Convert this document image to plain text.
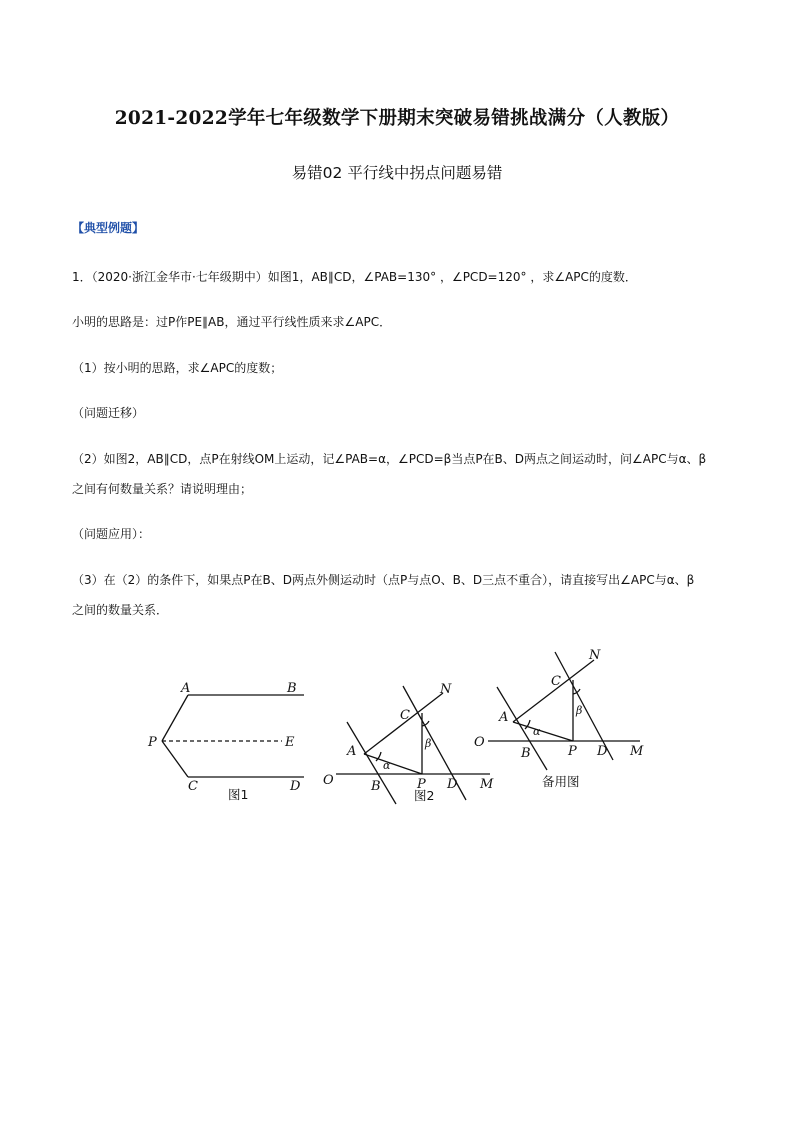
2021-2022学年七年级数学下册期末突破易错挑战满分（人教版）
易错02 平行线中拐点问题易错
【典型例题】
1．（2020·浙江金华市·七年级期中）如图1，AB∥CD，∠PAB=130° ，∠PCD=120° ，求∠APC的度数．
小明的思路是：过P作PE∥AB，通过平行线性质来求∠APC．
（1）按小明的思路，求∠APC的度数；
（问题迁移）
（2）如图2，AB∥CD，点P在射线OM上运动，记∠PAB=α，∠PCD=β当点P在B、D两点之间运动时，问∠APC与α、β
之间有何数量关系？请说明理由；
（问题应用）：
（3）在（2）的条件下，如果点P在B、D两点外侧运动时（点P与点O、B、D三点不重合），请直接写出∠APC与α、β
之间的数量关系．
A	B
P	E
C	D
图1
O
A
B
C
N
P D M
α
β
图2
O
A
B
C
N
P D M
α
β
备用图
